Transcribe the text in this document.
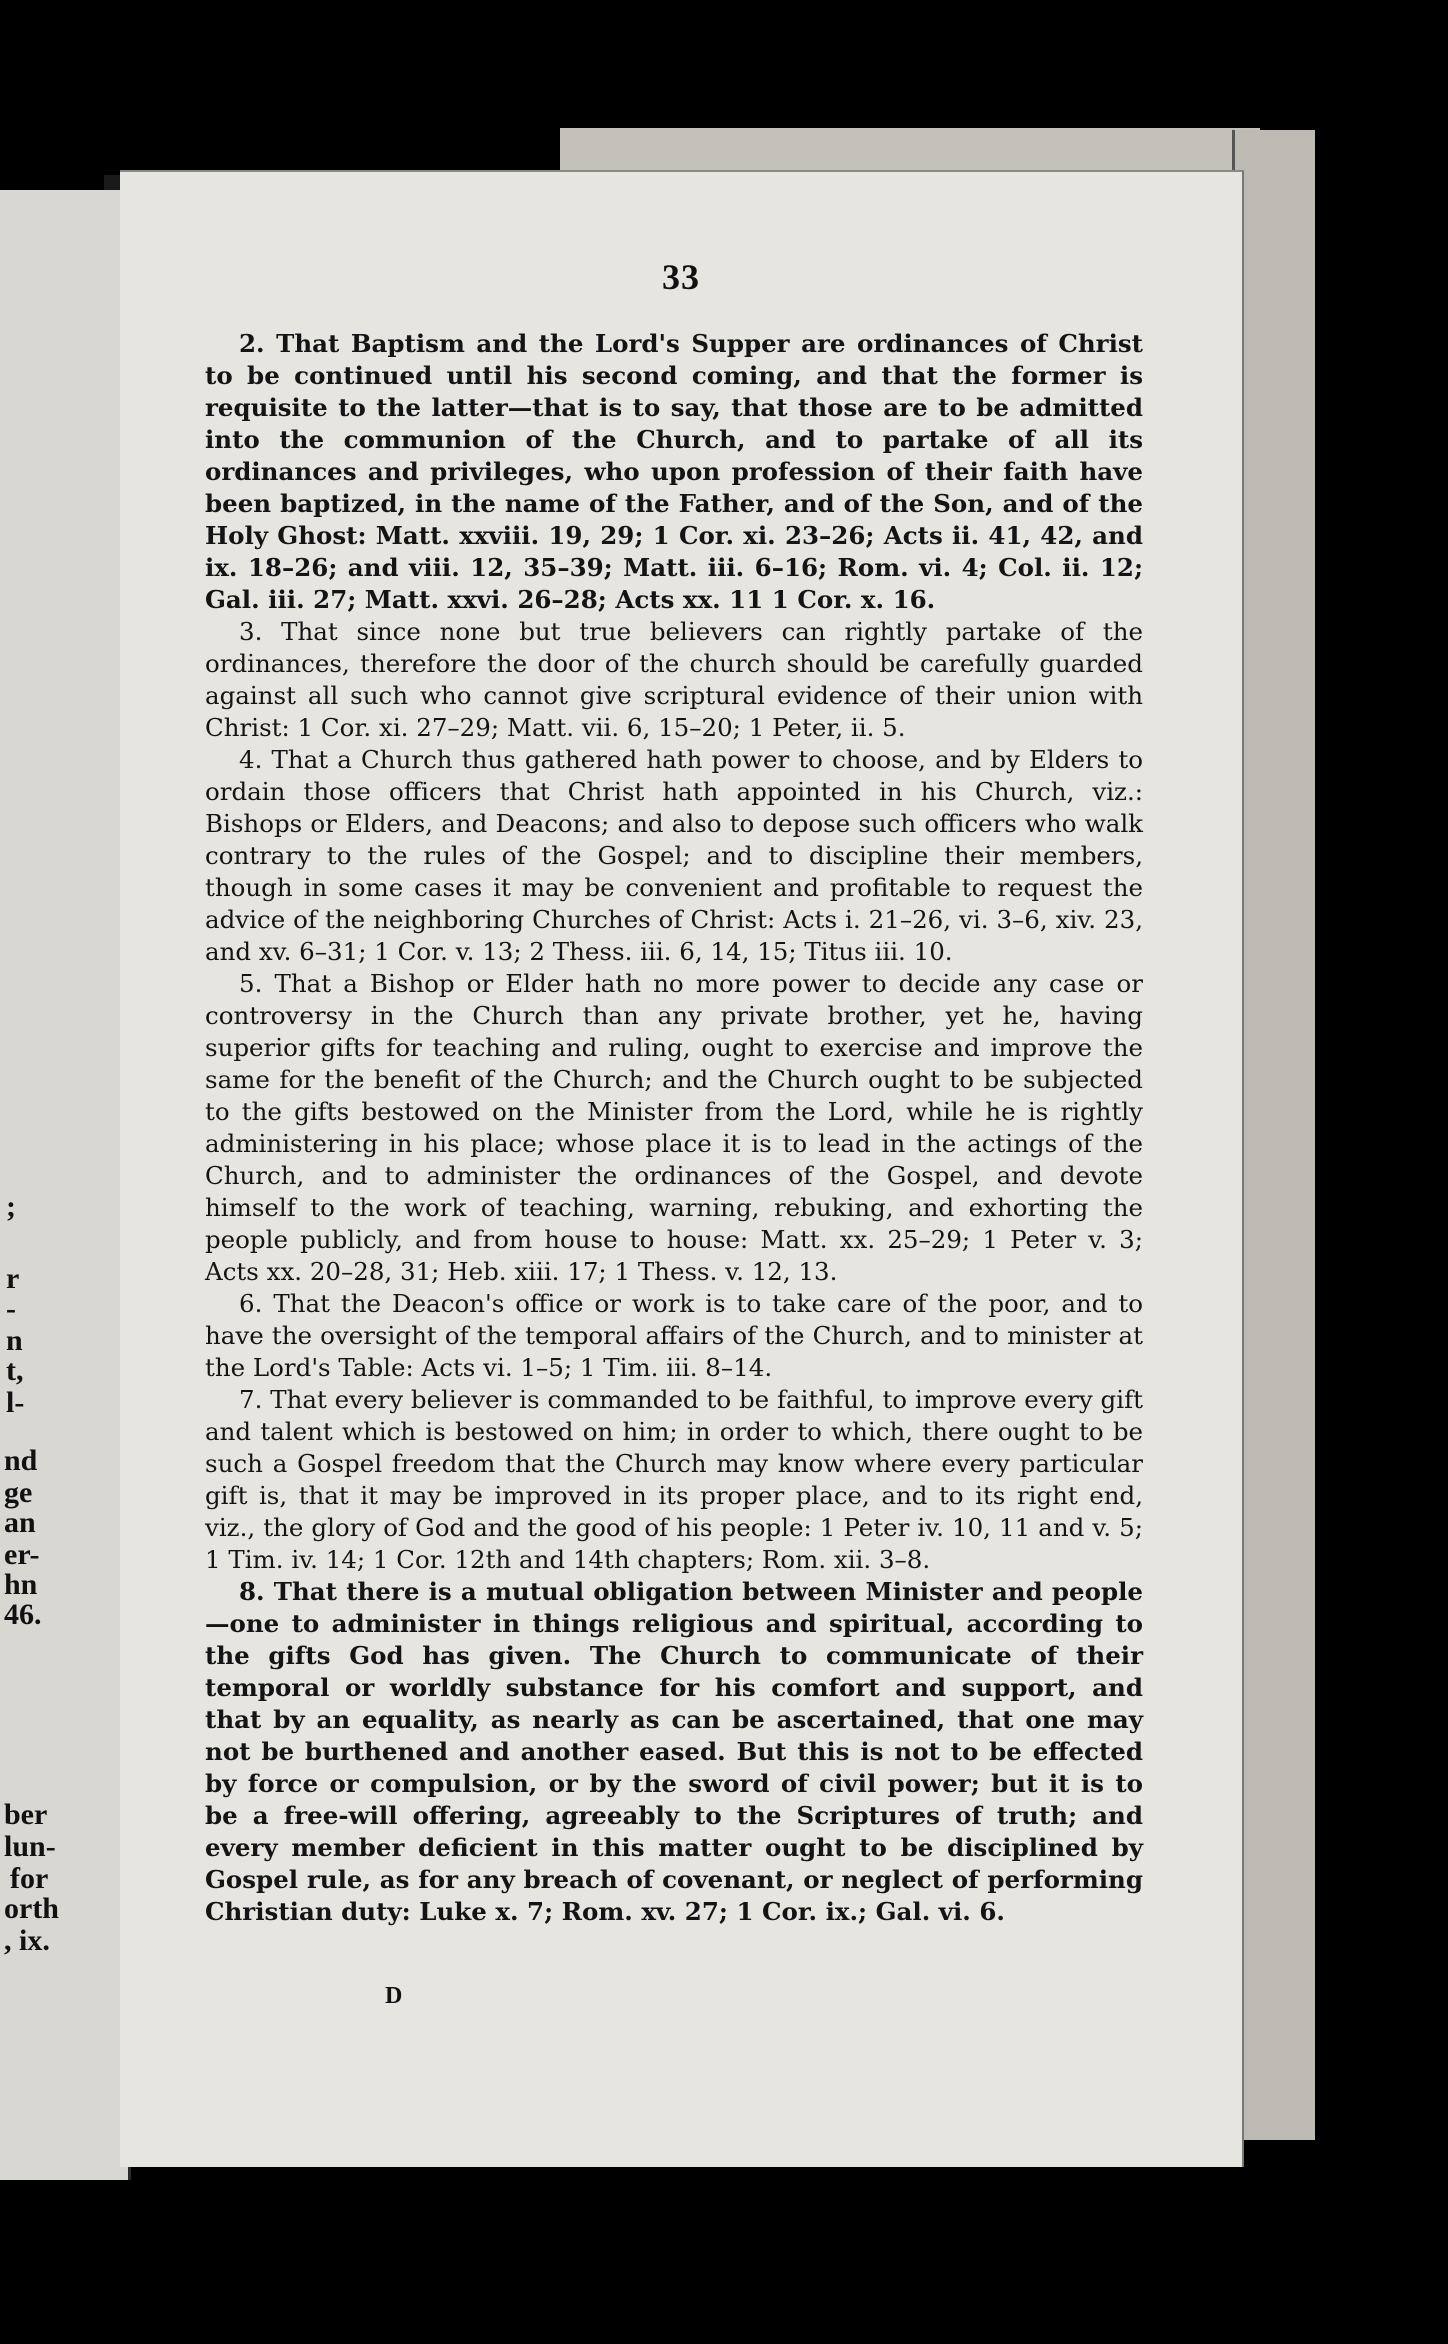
;
r
-
n
t,
l-
nd
ge
an
er-
hn
46.
ber
lun-
for
orth
, ix.
33

2. That Baptism and the Lord's Supper are ordinances of Christ to be continued until his second coming, and that the former is requisite to the latter—that is to say, that those are to be admitted into the communion of the Church, and to partake of all its ordinances and privileges, who upon profession of their faith have been baptized, in the name of the Father, and of the Son, and of the Holy Ghost: Matt. xxviii. 19, 29; 1 Cor. xi. 23–26; Acts ii. 41, 42, and ix. 18–26; and viii. 12, 35–39; Matt. iii. 6–16; Rom. vi. 4; Col. ii. 12; Gal. iii. 27; Matt. xxvi. 26–28; Acts xx. 11 1 Cor. x. 16.

3. That since none but true believers can rightly partake of the ordinances, therefore the door of the church should be carefully guarded against all such who cannot give scriptural evidence of their union with Christ: 1 Cor. xi. 27–29; Matt. vii. 6, 15–20; 1 Peter, ii. 5.

4. That a Church thus gathered hath power to choose, and by Elders to ordain those officers that Christ hath appointed in his Church, viz.: Bishops or Elders, and Deacons; and also to depose such officers who walk contrary to the rules of the Gospel; and to discipline their members, though in some cases it may be convenient and profitable to request the advice of the neighboring Churches of Christ: Acts i. 21–26, vi. 3–6, xiv. 23, and xv. 6–31; 1 Cor. v. 13; 2 Thess. iii. 6, 14, 15; Titus iii. 10.

5. That a Bishop or Elder hath no more power to decide any case or controversy in the Church than any private brother, yet he, having superior gifts for teaching and ruling, ought to exercise and improve the same for the benefit of the Church; and the Church ought to be subjected to the gifts bestowed on the Minister from the Lord, while he is rightly administering in his place; whose place it is to lead in the actings of the Church, and to administer the ordinances of the Gospel, and devote himself to the work of teaching, warning, rebuking, and exhorting the people publicly, and from house to house: Matt. xx. 25–29; 1 Peter v. 3; Acts xx. 20–28, 31; Heb. xiii. 17; 1 Thess. v. 12, 13.

6. That the Deacon's office or work is to take care of the poor, and to have the oversight of the temporal affairs of the Church, and to minister at the Lord's Table: Acts vi. 1–5; 1 Tim. iii. 8–14.

7. That every believer is commanded to be faithful, to improve every gift and talent which is bestowed on him; in order to which, there ought to be such a Gospel freedom that the Church may know where every particular gift is, that it may be improved in its proper place, and to its right end, viz., the glory of God and the good of his people: 1 Peter iv. 10, 11 and v. 5; 1 Tim. iv. 14; 1 Cor. 12th and 14th chapters; Rom. xii. 3–8.

8. That there is a mutual obligation between Minister and people—one to administer in things religious and spiritual, according to the gifts God has given. The Church to communicate of their temporal or worldly substance for his comfort and support, and that by an equality, as nearly as can be ascertained, that one may not be burthened and another eased. But this is not to be effected by force or compulsion, or by the sword of civil power; but it is to be a free-will offering, agreeably to the Scriptures of truth; and every member deficient in this matter ought to be disciplined by Gospel rule, as for any breach of covenant, or neglect of performing Christian duty: Luke x. 7; Rom. xv. 27; 1 Cor. ix.; Gal. vi. 6.

D
